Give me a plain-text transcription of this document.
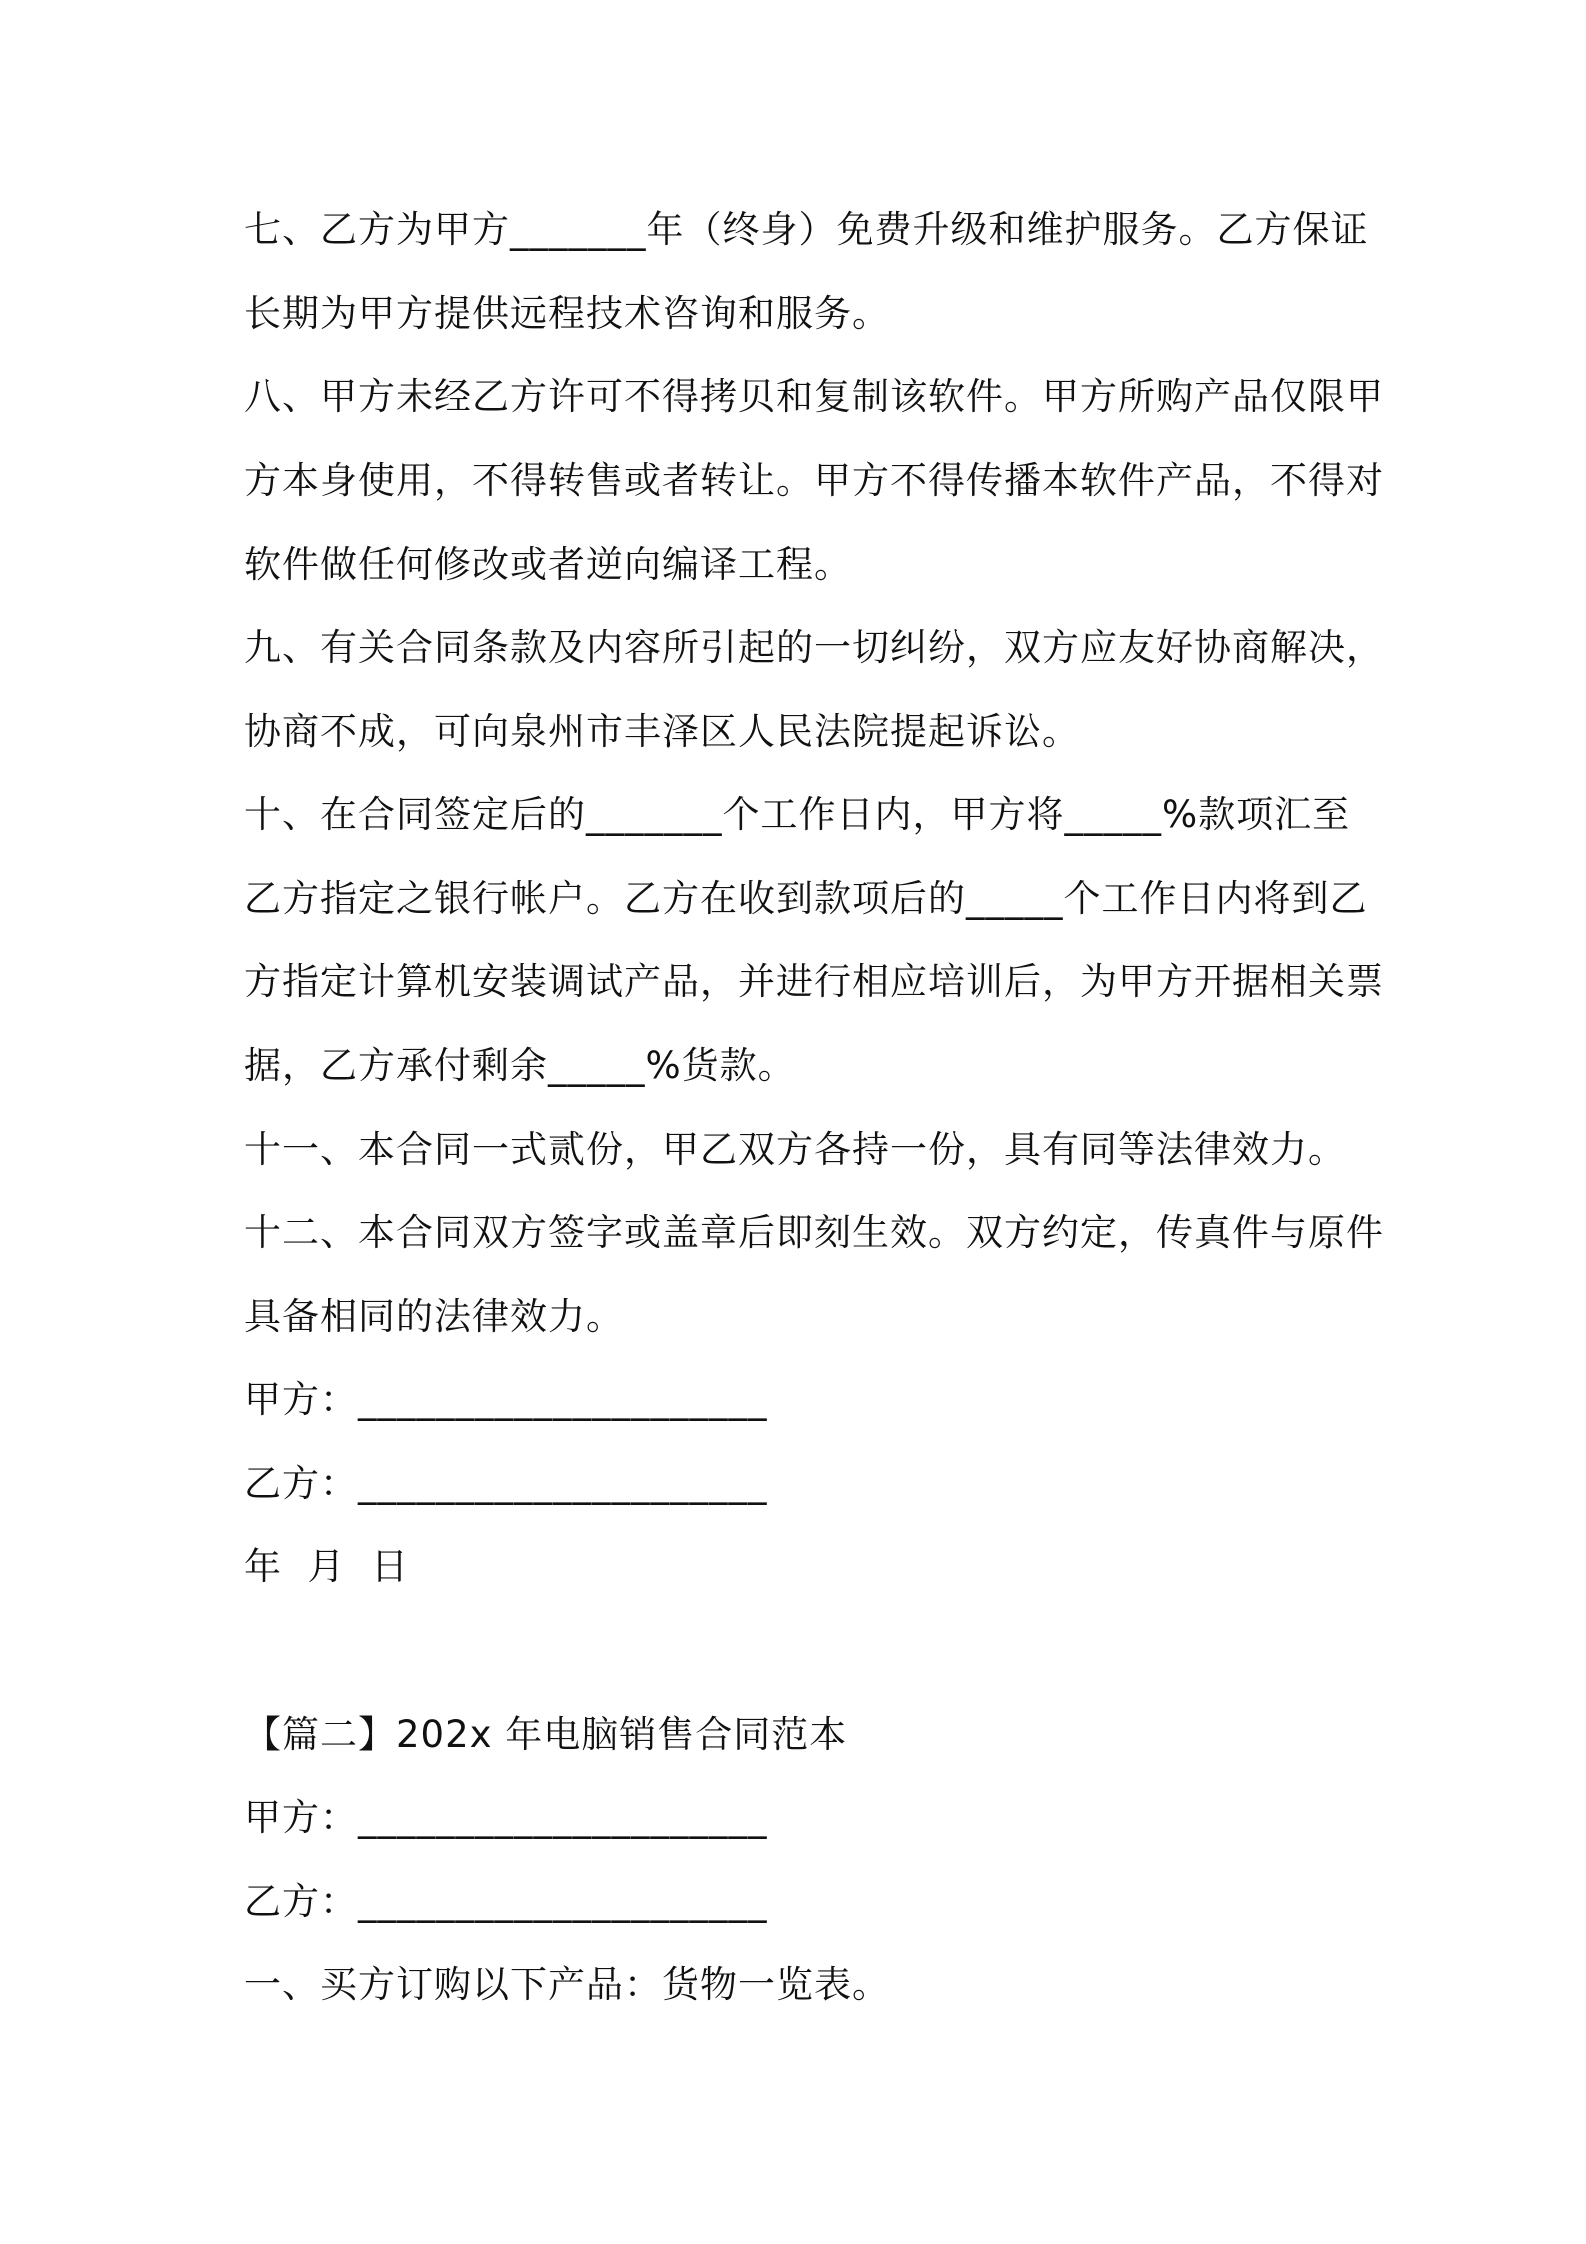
七、乙方为甲方_______年（终身）免费升级和维护服务。乙方保证
长期为甲方提供远程技术咨询和服务。
八、甲方未经乙方许可不得拷贝和复制该软件。甲方所购产品仅限甲
方本身使用，不得转售或者转让。甲方不得传播本软件产品，不得对
软件做任何修改或者逆向编译工程。
九、有关合同条款及内容所引起的一切纠纷，双方应友好协商解决，
协商不成，可向泉州市丰泽区人民法院提起诉讼。
十、在合同签定后的_______个工作日内，甲方将_____%款项汇至
乙方指定之银行帐户。乙方在收到款项后的_____个工作日内将到乙
方指定计算机安装调试产品，并进行相应培训后，为甲方开据相关票
据，乙方承付剩余_____%货款。
十一、本合同一式贰份，甲乙双方各持一份，具有同等法律效力。
十二、本合同双方签字或盖章后即刻生效。双方约定，传真件与原件
具备相同的法律效力。
甲方：_____________________
乙方：_____________________
年  月  日
【篇二】202x 年电脑销售合同范本
甲方：_____________________
乙方：_____________________
一、买方订购以下产品：货物一览表。
